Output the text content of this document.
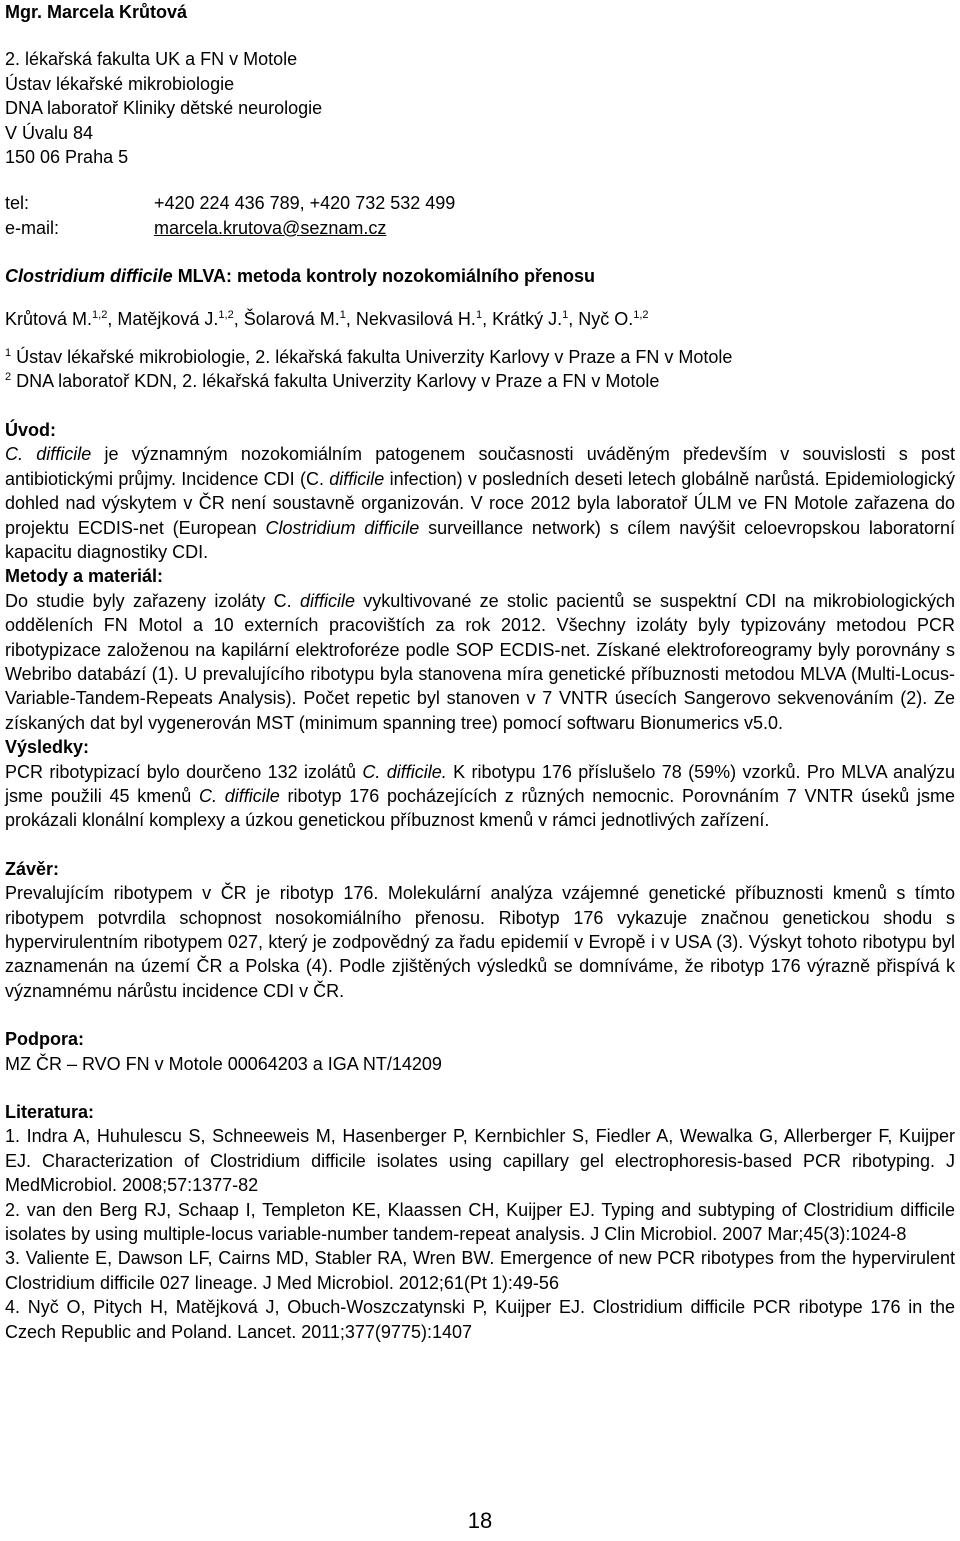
Mgr. Marcela Krůtová
2. lékařská fakulta UK a FN v Motole
Ústav lékařské mikrobiologie
DNA laboratoř Kliniky dětské neurologie
V Úvalu 84
150 06 Praha 5
tel:	+420 224 436 789, +420 732 532 499
e-mail:	marcela.krutova@seznam.cz
Clostridium difficile MLVA: metoda kontroly nozokomiálního přenosu
Krůtová M.$^{1,2}$, Matějková J.$^{1,2}$, Šolarová M.$^1$, Nekvasilová H.$^1$, Krátký J.$^1$, Nyč O.$^{1,2}$
$^1$ Ústav lékařské mikrobiologie, 2. lékařská fakulta Univerzity Karlovy v Praze a FN v Motole
$^2$ DNA laboratoř KDN, 2. lékařská fakulta Univerzity Karlovy v Praze a FN v Motole
Úvod:
C. difficile je významným nozokomiálním patogenem současnosti uváděným především v souvislosti s post antibiotickými průjmy. Incidence CDI (C. difficile infection) v posledních deseti letech globálně narůstá. Epidemiologický dohled nad výskytem v ČR není soustavně organizován. V roce 2012 byla laboratoř ÚLM ve FN Motole zařazena do projektu ECDIS-net (European Clostridium difficile surveillance network) s cílem navýšit celoevropskou laboratorní kapacitu diagnostiky CDI.
Metody a materiál:
Do studie byly zařazeny izoláty C. difficile vykultivované ze stolic pacientů se suspektní CDI na mikrobiologických odděleních FN Motol a 10 externích pracovištích za rok 2012. Všechny izoláty byly typizovány metodou PCR ribotypizace založenou na kapilární elektroforéze podle SOP ECDIS-net. Získané elektroforeogramy byly porovnány s Webribo databází (1). U prevalujícího ribotypu byla stanovena míra genetické příbuznosti metodou MLVA (Multi-Locus-Variable-Tandem-Repeats Analysis). Počet repetic byl stanoven v 7 VNTR úsecích Sangerovo sekvenováním (2). Ze získaných dat byl vygenerován MST (minimum spanning tree) pomocí softwaru Bionumerics v5.0.
Výsledky:
PCR ribotypizací bylo dourčeno 132 izolátů C. difficile. K ribotypu 176 příslušelo 78 (59%) vzorků. Pro MLVA analýzu jsme použili 45 kmenů C. difficile ribotyp 176 pocházejících z různých nemocnic. Porovnáním 7 VNTR úseků jsme prokázali klonální komplexy a úzkou genetickou příbuznost kmenů v rámci jednotlivých zařízení.
Závěr:
Prevalujícím ribotypem v ČR je ribotyp 176. Molekulární analýza vzájemné genetické příbuznosti kmenů s tímto ribotypem potvrdila schopnost nosokomiálního přenosu. Ribotyp 176 vykazuje značnou genetickou shodu s hypervirulentním ribotypem 027, který je zodpovědný za řadu epidemií v Evropě i v USA (3). Výskyt tohoto ribotypu byl zaznamenán na území ČR a Polska (4). Podle zjištěných výsledků se domníváme, že ribotyp 176 výrazně přispívá k významnému nárůstu incidence CDI v ČR.
Podpora:
MZ ČR – RVO FN v Motole 00064203 a IGA NT/14209
Literatura:
1. Indra A, Huhulescu S, Schneeweis M, Hasenberger P, Kernbichler S, Fiedler A, Wewalka G, Allerberger F, Kuijper EJ. Characterization of Clostridium difficile isolates using capillary gel electrophoresis-based PCR ribotyping. J MedMicrobiol. 2008;57:1377-82
2. van den Berg RJ, Schaap I, Templeton KE, Klaassen CH, Kuijper EJ. Typing and subtyping of Clostridium difficile isolates by using multiple-locus variable-number tandem-repeat analysis. J Clin Microbiol. 2007 Mar;45(3):1024-8
3. Valiente E, Dawson LF, Cairns MD, Stabler RA, Wren BW. Emergence of new PCR ribotypes from the hypervirulent Clostridium difficile 027 lineage. J Med Microbiol. 2012;61(Pt 1):49-56
4. Nyč O, Pitych H, Matějková J, Obuch-Woszczatynski P, Kuijper EJ. Clostridium difficile PCR ribotype 176 in the Czech Republic and Poland. Lancet. 2011;377(9775):1407
18
